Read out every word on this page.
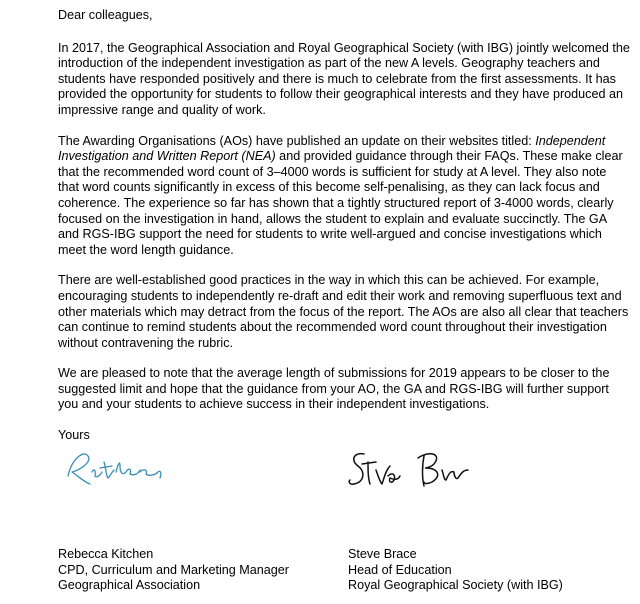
Dear colleagues,

In 2017, the Geographical Association and Royal Geographical Society (with IBG) jointly welcomed the introduction of the independent investigation as part of the new A levels. Geography teachers and students have responded positively and there is much to celebrate from the first assessments. It has provided the opportunity for students to follow their geographical interests and they have produced an impressive range and quality of work.

The Awarding Organisations (AOs) have published an update on their websites titled: Independent Investigation and Written Report (NEA) and provided guidance through their FAQs. These make clear that the recommended word count of 3–4000 words is sufficient for study at A level. They also note that word counts significantly in excess of this become self-penalising, as they can lack focus and coherence. The experience so far has shown that a tightly structured report of 3-4000 words, clearly focused on the investigation in hand, allows the student to explain and evaluate succinctly. The GA and RGS-IBG support the need for students to write well-argued and concise investigations which meet the word length guidance.

There are well-established good practices in the way in which this can be achieved. For example, encouraging students to independently re-draft and edit their work and removing superfluous text and other materials which may detract from the focus of the report. The AOs are also all clear that teachers can continue to remind students about the recommended word count throughout their investigation without contravening the rubric.

We are pleased to note that the average length of submissions for 2019 appears to be closer to the suggested limit and hope that the guidance from your AO, the GA and RGS-IBG will further support you and your students to achieve success in their independent investigations.

Yours

Rebecca Kitchen
CPD, Curriculum and Marketing Manager
Geographical Association
Steve Brace
Head of Education
Royal Geographical Society (with IBG)
